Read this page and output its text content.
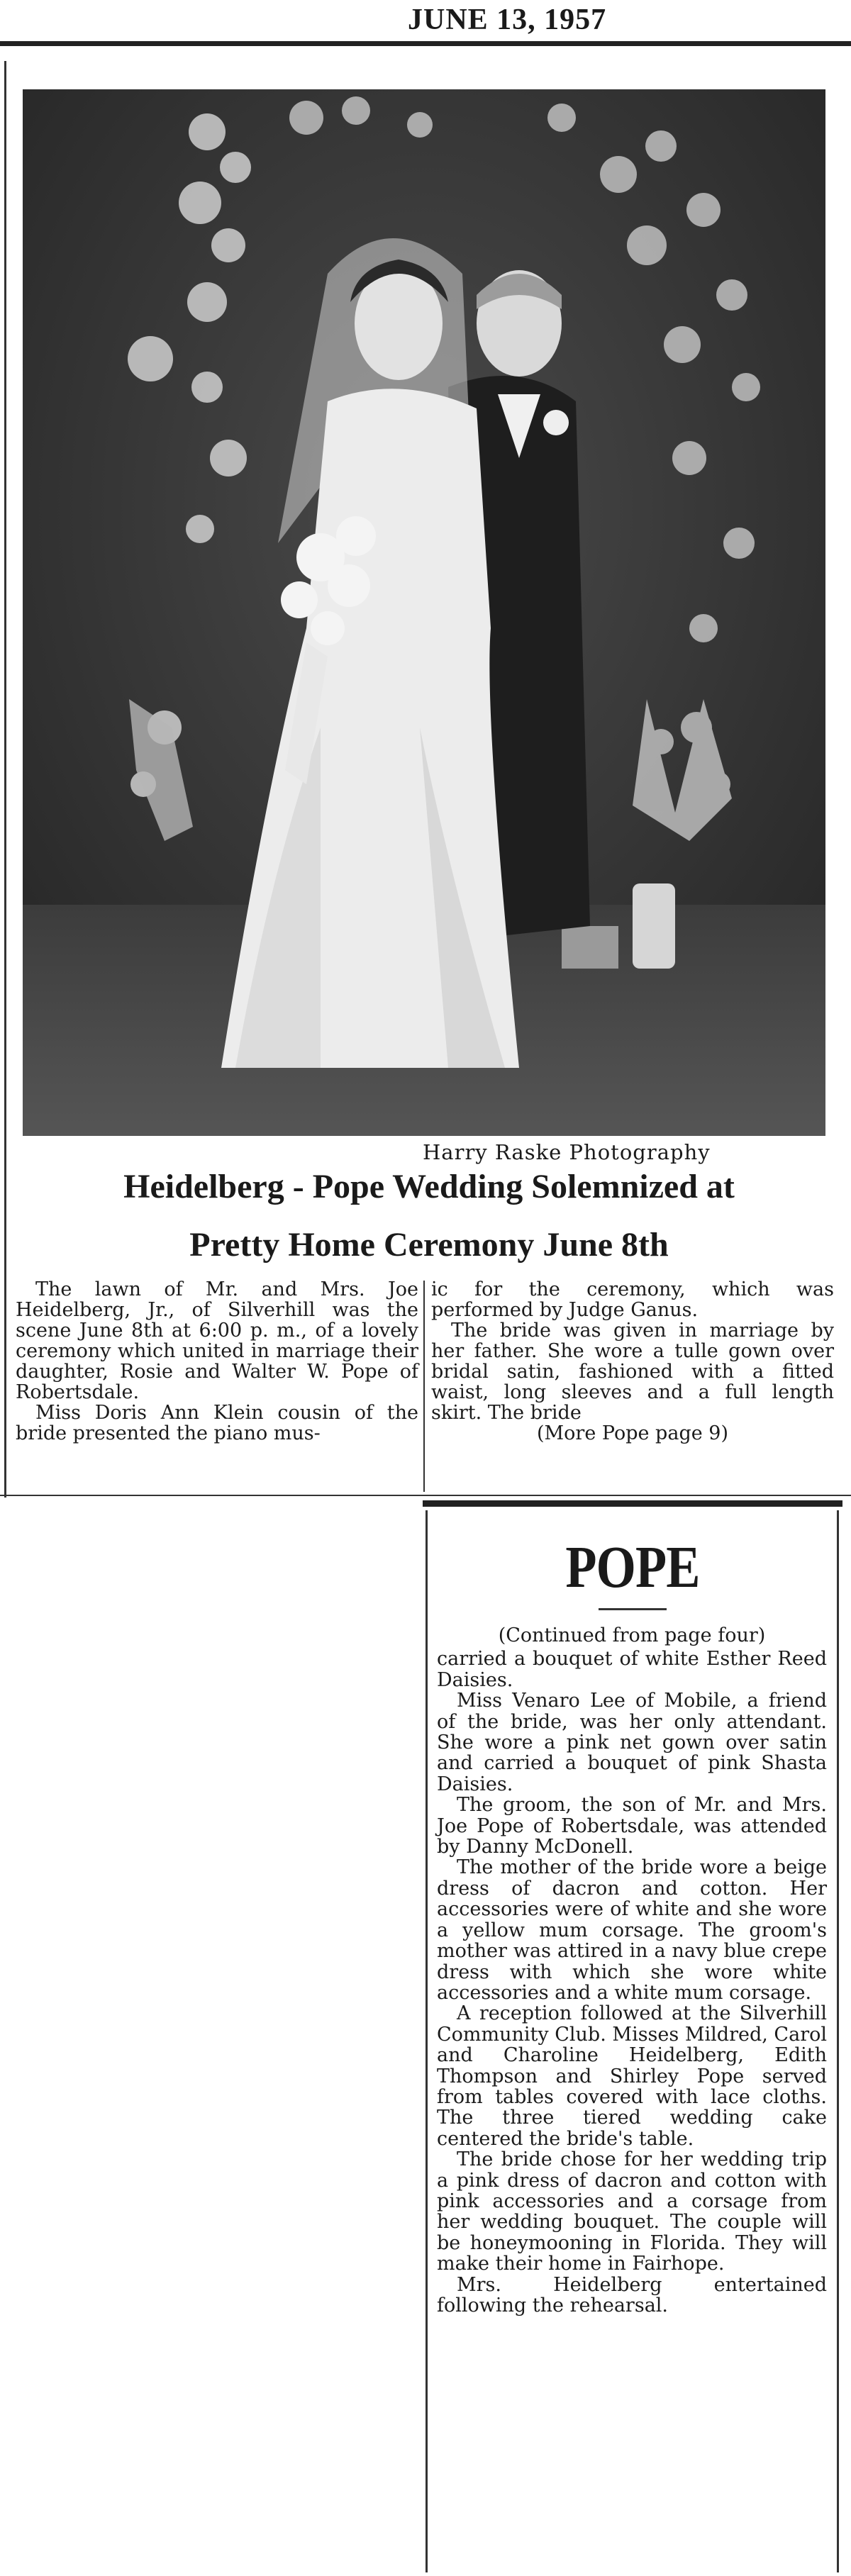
JUNE 13, 1957
Harry Raske Photography
Heidelberg - Pope Wedding Solemnized at
Pretty Home Ceremony June 8th

The lawn of Mr. and Mrs. Joe Heidelberg, Jr., of Silverhill was the scene June 8th at 6:00 p. m., of a lovely ceremony which united in marriage their daughter, Rosie and Walter W. Pope of Robertsdale.

Miss Doris Ann Klein cousin of the bride presented the piano mus-

ic for the ceremony, which was performed by Judge Ganus.

The bride was given in marriage by her father. She wore a tulle gown over bridal satin, fashioned with a fitted waist, long sleeves and a full length skirt. The bride

(More Pope page 9)

POPE

(Continued from page four)

carried a bouquet of white Esther Reed Daisies.

Miss Venaro Lee of Mobile, a friend of the bride, was her only attendant. She wore a pink net gown over satin and carried a bouquet of pink Shasta Daisies.

The groom, the son of Mr. and Mrs. Joe Pope of Robertsdale, was attended by Danny McDonell.

The mother of the bride wore a beige dress of dacron and cotton. Her accessories were of white and she wore a yellow mum corsage. The groom's mother was attired in a navy blue crepe dress with which she wore white accessories and a white mum corsage.

A reception followed at the Silverhill Community Club. Misses Mildred, Carol and Charoline Heidelberg, Edith Thompson and Shirley Pope served from tables covered with lace cloths. The three tiered wedding cake centered the bride's table.

The bride chose for her wedding trip a pink dress of dacron and cotton with pink accessories and a corsage from her wedding bouquet. The couple will be honeymooning in Florida. They will make their home in Fairhope.

Mrs. Heidelberg entertained following the rehearsal.
